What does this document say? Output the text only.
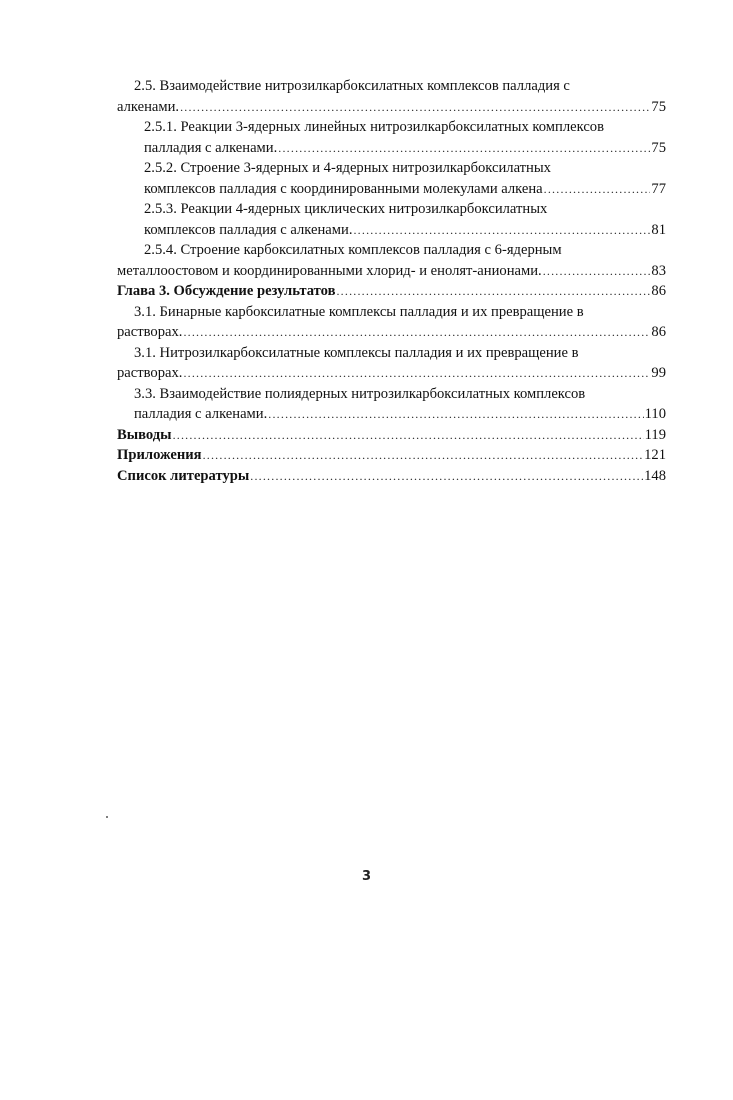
2.5. Взаимодействие нитрозилкарбоксилатных комплексов палладия с
алкенами. .....	75
2.5.1. Реакции 3-ядерных линейных нитрозилкарбоксилатных комплексов
палладия с алкенами. .....	75
2.5.2. Строение 3-ядерных и 4-ядерных нитрозилкарбоксилатных
комплексов палладия с координированными молекулами алкена .....	77
2.5.3. Реакции 4-ядерных циклических нитрозилкарбоксилатных
комплексов палладия с алкенами. .....	81
2.5.4. Строение карбоксилатных комплексов палладия с 6-ядерным
металлоостовом и координированными хлорид- и енолят-анионами. .....	83
Глава 3. Обсуждение результатов .....	86
3.1. Бинарные карбоксилатные комплексы палладия и их превращение в
растворах. .....	86
3.1. Нитрозилкарбоксилатные комплексы палладия и их превращение в
растворах. .....	99
3.3. Взаимодействие полиядерных нитрозилкарбоксилатных комплексов
палладия с алкенами. .....	110
Выводы .....	119
Приложения .....	121
Список литературы .....	148
3
